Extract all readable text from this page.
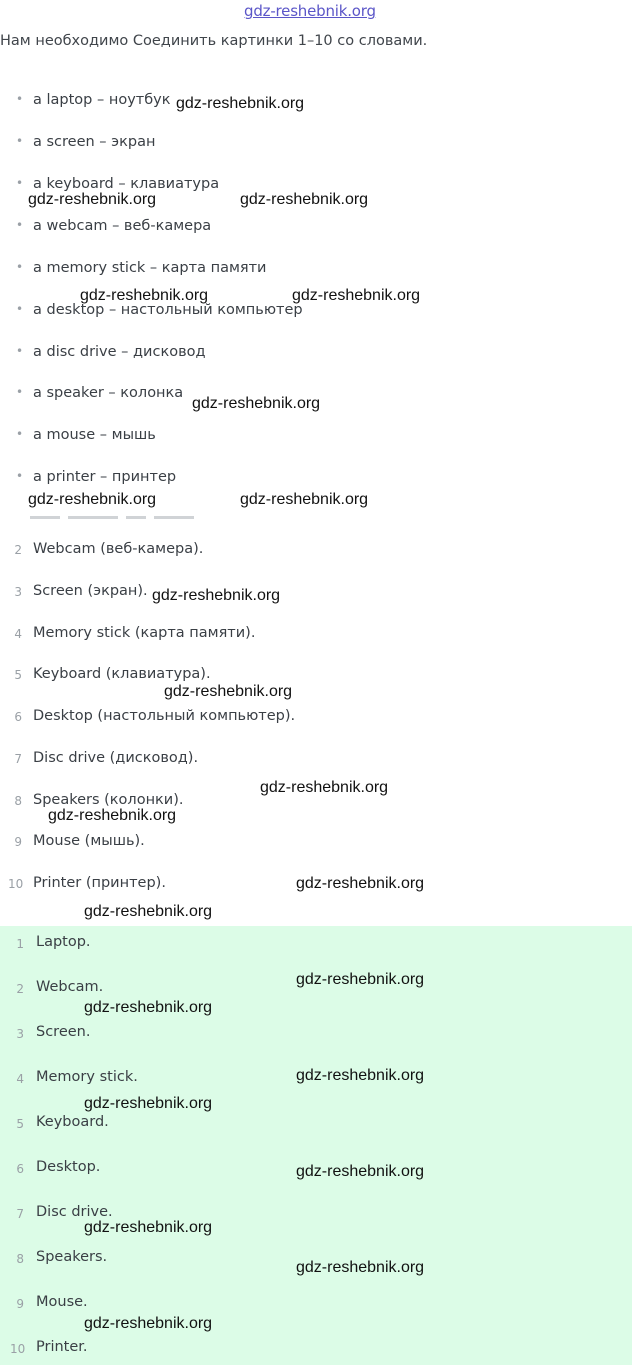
gdz-reshebnik.org
Нам необходимо Соединить картинки 1–10 со словами.
• a laptop – ноутбук
• a screen – экран
• a keyboard – клавиатура
• a webcam – веб-камера
• a memory stick – карта памяти
• a desktop – настольный компьютер
• a disc drive – дисковод
• a speaker – колонка
• a mouse – мышь
• a printer – принтер
2 Webcam (веб-камера).
3 Screen (экран).
4 Memory stick (карта памяти).
5 Keyboard (клавиатура).
6 Desktop (настольный компьютер).
7 Disc drive (дисковод).
8 Speakers (колонки).
9 Mouse (мышь).
10 Printer (принтер).
1 Laptop.
2 Webcam.
3 Screen.
4 Memory stick.
5 Keyboard.
6 Desktop.
7 Disc drive.
8 Speakers.
9 Mouse.
10 Printer.
gdz-reshebnik.org
gdz-reshebnik.org	gdz-reshebnik.org
gdz-reshebnik.org	gdz-reshebnik.org
gdz-reshebnik.org
gdz-reshebnik.org	gdz-reshebnik.org
gdz-reshebnik.org
gdz-reshebnik.org
gdz-reshebnik.org
gdz-reshebnik.org
gdz-reshebnik.org
gdz-reshebnik.org
gdz-reshebnik.org
gdz-reshebnik.org
gdz-reshebnik.org
gdz-reshebnik.org
gdz-reshebnik.org
gdz-reshebnik.org
gdz-reshebnik.org
gdz-reshebnik.org
